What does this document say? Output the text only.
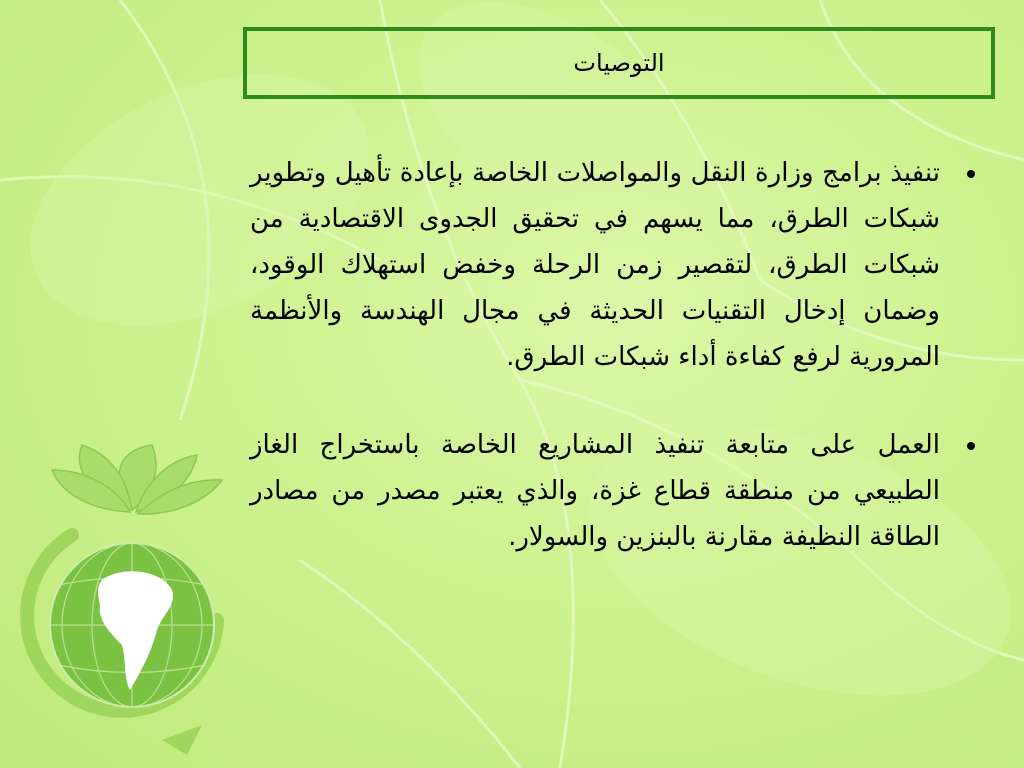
التوصيات
تنفيذ برامج وزارة النقل والمواصلات الخاصة بإعادة تأهيل وتطوير شبكات الطرق، مما يسهم في تحقيق الجدوى الاقتصادية من شبكات الطرق، لتقصير زمن الرحلة وخفض استهلاك الوقود، وضمان إدخال التقنيات الحديثة في مجال الهندسة والأنظمة المرورية لرفع كفاءة أداء شبكات الطرق.
العمل على متابعة تنفيذ المشاريع الخاصة باستخراج الغاز الطبيعي من منطقة قطاع غزة، والذي يعتبر مصدر من مصادر الطاقة النظيفة مقارنة بالبنزين والسولار.
